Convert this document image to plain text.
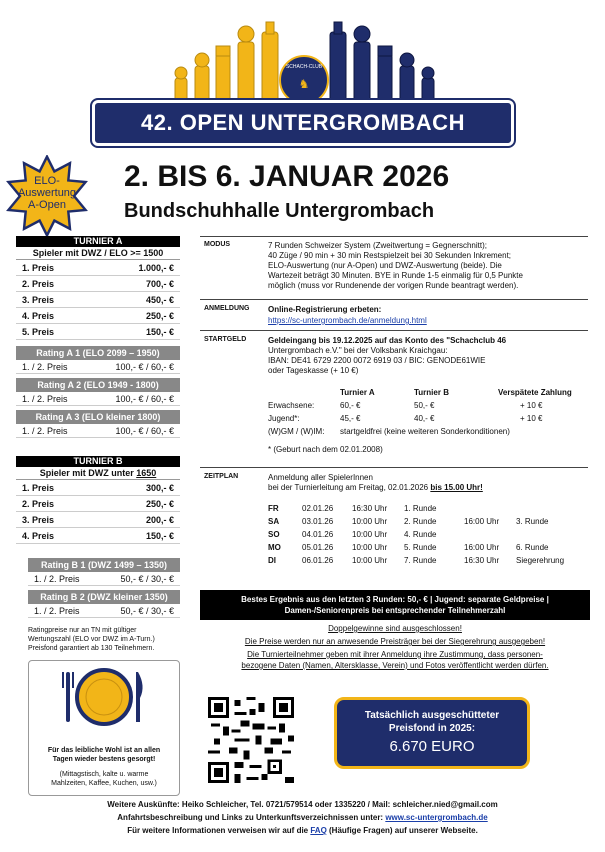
SCHACH-CLUB
♞
42. OPEN UNTERGROMBACH
2. BIS 6. JANUAR 2026
Bundschuhhalle Untergrombach
ELO-
Auswertung
A-Open
TURNIER A
Spieler mit DWZ / ELO >= 1500
1. Preis	1.000,- €
2. Preis	700,- €
3. Preis	450,- €
4. Preis	250,- €
5. Preis	150,- €
Rating A 1 (ELO 2099 – 1950)
1. / 2. Preis	100,- € / 60,- €
Rating A 2 (ELO 1949 - 1800)
1. / 2. Preis	100,- € / 60,- €
Rating A 3 (ELO kleiner 1800)
1. / 2. Preis	100,- € / 60,- €
TURNIER B
Spieler mit DWZ unter 1650
1. Preis	300,- €
2. Preis	250,- €
3. Preis	200,- €
4. Preis	150,- €
Rating B 1 (DWZ 1499 – 1350)
1. / 2. Preis	50,- € / 30,- €
Rating B 2 (DWZ kleiner 1350)
1. / 2. Preis	50,- € / 30,- €
Ratingpreise nur an TN mit gültiger
Wertungszahl (ELO vor DWZ im A-Turn.)
Preisfond garantiert ab 130 Teilnehmern.
Für das leibliche Wohl ist an allen
Tagen wieder bestens gesorgt!
(Mittagstisch, kalte u. warme
Mahlzeiten, Kaffee, Kuchen, usw.)
MODUS	7 Runden Schweizer System (Zweitwertung = Gegnerschnitt);
40 Züge / 90 min + 30 min Restspielzeit bei 30 Sekunden Inkrement;
ELO-Auswertung (nur A-Open) und DWZ-Auswertung (beide). Die
Wartezeit beträgt 30 Minuten. BYE in Runde 1-5 einmalig für 0,5 Punkte
möglich (muss vor Rundenende der vorigen Runde beantragt werden).
ANMELDUNG Online-Registrierung erbeten:
https://sc-untergrombach.de/anmeldung.html
STARTGELD	Geldeingang bis 19.12.2025 auf das Konto des "Schachclub 46
Untergrombach e.V." bei der Volksbank Kraichgau:
IBAN: DE41 6729 2200 0072 6919 03 / BIC: GENODE61WIE
oder Tageskasse (+ 10 €)
Turnier A	Turnier B	Verspätete Zahlung
Erwachsene:	60,- €	50,- €	+ 10 €
Jugend*:	45,- €	40,- €	+ 10 €
(W)GM / (W)IM:	startgeldfrei (keine weiteren Sonderkonditionen)
* (Geburt nach dem 02.01.2008)
ZEITPLAN	Anmeldung aller SpielerInnen
bei der Turnierleitung am Freitag, 02.01.2026 bis 15.00 Uhr!
FR	02.01.26	16:30 Uhr	1. Runde
SA	03.01.26	10:00 Uhr	2. Runde	16:00 Uhr	3. Runde
SO	04.01.26	10:00 Uhr	4. Runde
MO	05.01.26	10:00 Uhr	5. Runde	16:00 Uhr	6. Runde
DI	06.01.26	10:00 Uhr	7. Runde	16:30 Uhr	Siegerehrung
Bestes Ergebnis aus den letzten 3 Runden: 50,- € | Jugend: separate Geldpreise |
Damen-/Seniorenpreis bei entsprechender Teilnehmerzahl
Doppelgewinne sind ausgeschlossen!
Die Preise werden nur an anwesende Preisträger bei der Siegerehrung ausgegeben!
Die Turnierteilnehmer geben mit ihrer Anmeldung ihre Zustimmung, dass personen-
bezogene Daten (Namen, Altersklasse, Verein) und Fotos veröffentlicht werden dürfen.
Tatsächlich ausgeschütteter
Preisfond in 2025:
6.670 EURO
Weitere Auskünfte: Heiko Schleicher, Tel. 0721/579514 oder 1335220 / Mail: schleicher.nied@gmail.com
Anfahrtsbeschreibung und Links zu Unterkunftsverzeichnissen unter: www.sc-untergrombach.de
Für weitere Informationen verweisen wir auf die FAQ (Häufige Fragen) auf unserer Webseite.
